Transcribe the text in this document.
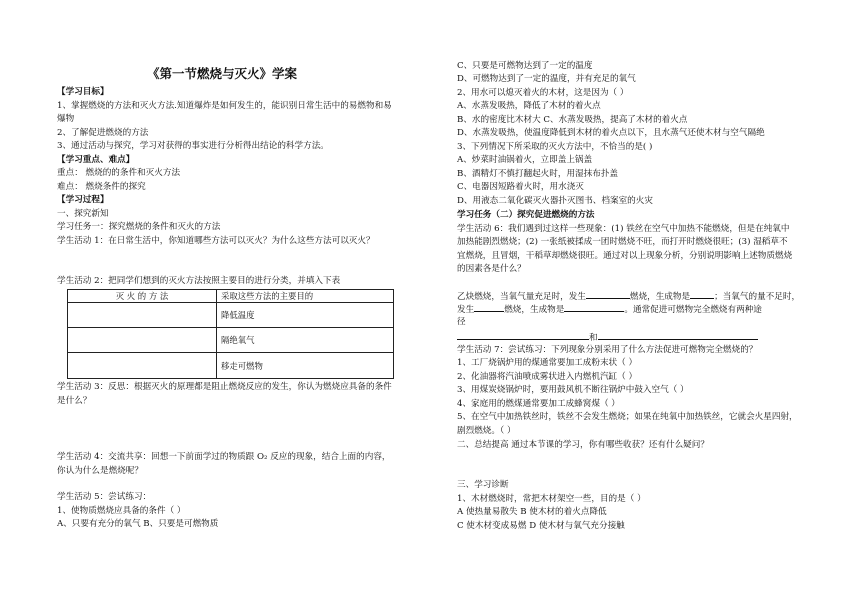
《第一节燃烧与灭火》学案
【学习目标】
1、掌握燃烧的方法和灭火方法.知道爆炸是如何发生的，能识别日常生活中的易燃物和易
爆物
2、了解促进燃烧的方法
3、通过活动与探究，学习对获得的事实进行分析得出结论的科学方法。
【学习重点、难点】
重点： 燃烧的的条件和灭火方法
难点： 燃烧条件的探究
【学习过程】
一、探究新知
学习任务一：探究燃烧的条件和灭火的方法
学生活动 1：在日常生活中，你知道哪些方法可以灭火？为什么这些方法可以灭火？
学生活动 2：把同学们想到的灭火方法按照主要目的进行分类，并填入下表
灭 火 的 方 法	采取这些方法的主要目的
	降低温度
	隔绝氧气
	移走可燃物
学生活动 3：反思：根据灭火的原理都是阻止燃烧反应的发生，你认为燃烧应具备的条件
是什么？
学生活动 4：交流共享：回想一下前面学过的物质跟 O₂ 反应的现象，结合上面的内容，
你认为什么是燃烧呢？
学生活动 5：尝试练习：
1、使物质燃烧应具备的条件（ ）
A、只要有充分的氧气 B、只要是可燃物质
C、只要是可燃物达到了一定的温度
D、可燃物达到了一定的温度，并有充足的氧气
2、用水可以熄灭着火的木材，这是因为（ ）
A、水蒸发吸热，降低了木材的着火点
B、水的密度比木材大 C、水蒸发吸热，提高了木材的着火点
D、水蒸发吸热，使温度降低到木材的着火点以下，且水蒸气还使木材与空气隔绝
3、下列情况下所采取的灭火方法中，不恰当的是( )
A、炒菜时油锅着火，立即盖上锅盖
B、酒精灯不慎打翻起火时，用湿抹布扑盖
C、电器因短路着火时，用水浇灭
D、用液态二氧化碳灭火器扑灭图书、档案室的火灾
学习任务（二）探究促进燃烧的方法
学生活动 6：我们遇到过这样一些现象：(1) 铁丝在空气中加热不能燃烧，但是在纯氧中
加热能剧烈燃烧；(2) 一张纸被揉成一团时燃烧不旺，而打开时燃烧很旺；(3) 湿稻草不
宜燃烧，且冒烟，干稻草却燃烧很旺。通过对以上现象分析，分别说明影响上述物质燃烧
的因素各是什么？
乙炔燃烧，当氧气量充足时，发生	燃烧，生成物是	；当氧气的量不足时，
发生	燃烧，生成物是	。通常促进可燃物完全燃烧有两种途
径
和
学生活动 7：尝试练习：下列现象分别采用了什么方法促进可燃物完全燃烧的？
1、工厂烧锅炉用的煤通常要加工成粉末状（ ）
2、化油器将汽油喷成雾状进入内燃机汽缸（ ）
3、用煤炭烧锅炉时，要用鼓风机不断往锅炉中鼓入空气（ ）
4、家庭用的燃煤通常要加工成蜂窝煤（ ）
5、在空气中加热铁丝时，铁丝不会发生燃烧；如果在纯氧中加热铁丝，它就会火星四射，
剧烈燃烧。（ ）
二、总结提高 通过本节课的学习，你有哪些收获？还有什么疑问？
三、学习诊断
1、木材燃烧时，常把木材架空一些，目的是（ ）
A 使热量易散失 B 使木材的着火点降低
C 使木材变成易燃 D 使木材与氧气充分接触
